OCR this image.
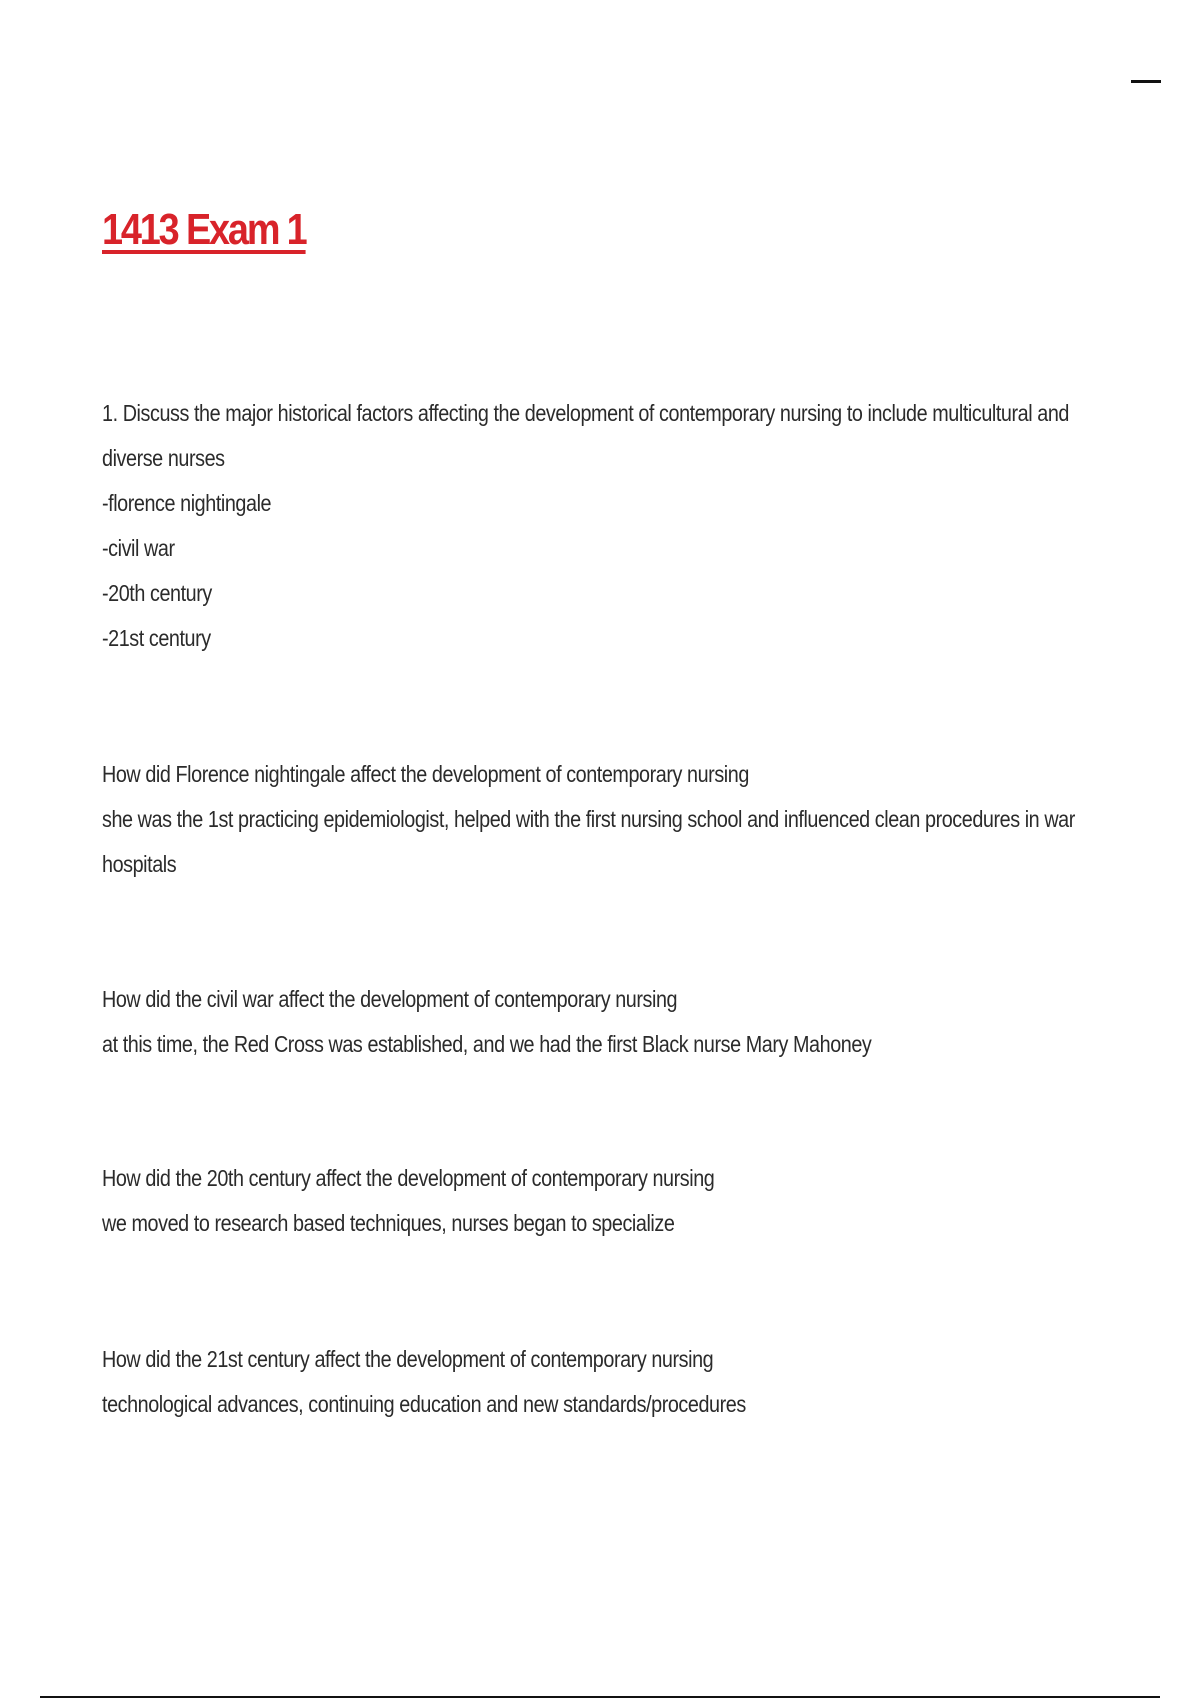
1413 Exam 1
1. Discuss the major historical factors affecting the development of contemporary nursing to include multicultural and
diverse nurses
-florence nightingale
-civil war
-20th century
-21st century
How did Florence nightingale affect the development of contemporary nursing
she was the 1st practicing epidemiologist, helped with the first nursing school and influenced clean procedures in war
hospitals
How did the civil war affect the development of contemporary nursing
at this time, the Red Cross was established, and we had the first Black nurse Mary Mahoney
How did the 20th century affect the development of contemporary nursing
we moved to research based techniques, nurses began to specialize
How did the 21st century affect the development of contemporary nursing
technological advances, continuing education and new standards/procedures
